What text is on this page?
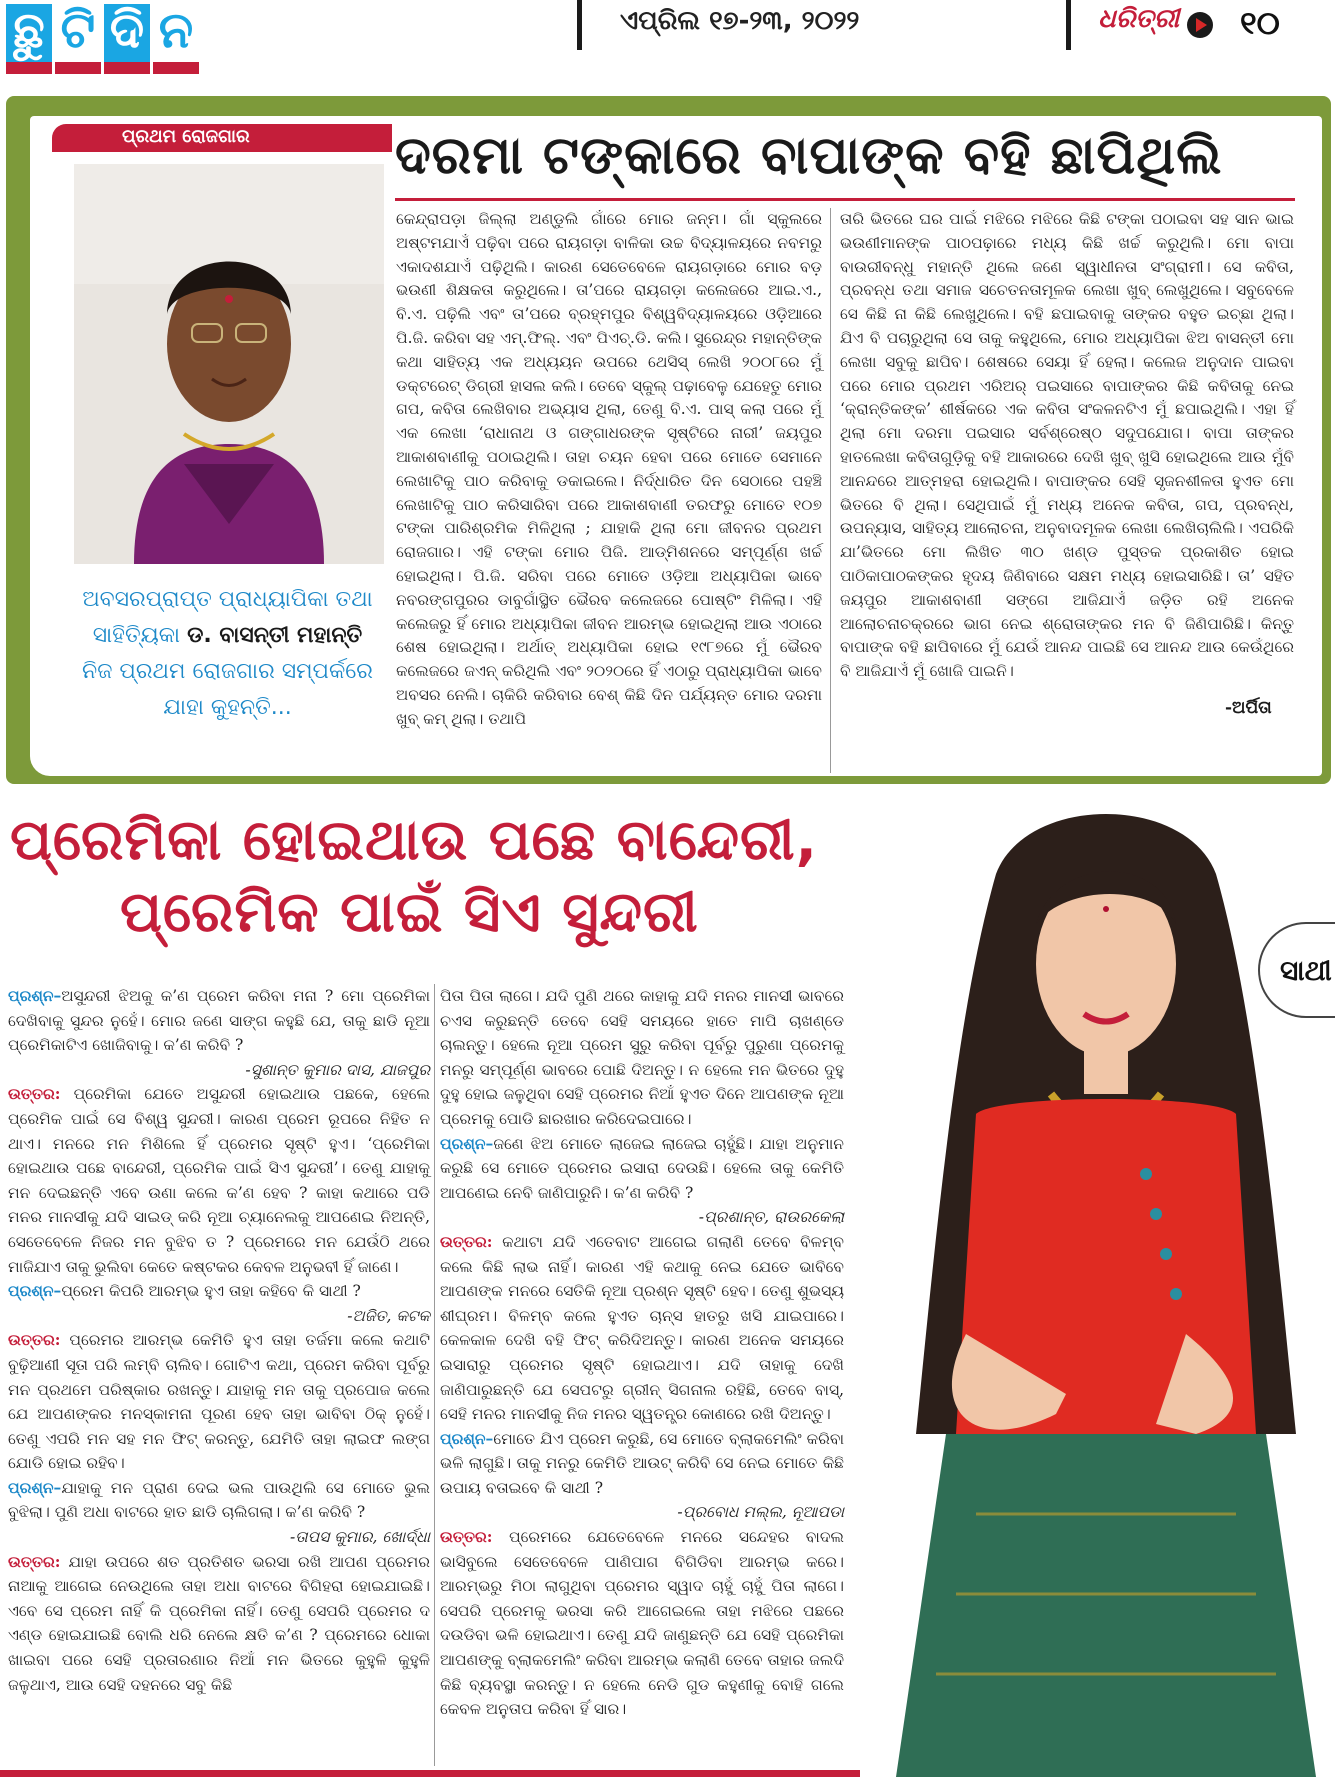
ଛୁ ଟି ଦି ନ	ଏପ୍ରିଲ ୧୭-୨୩, ୨୦୨୨	ଧରିତ୍ରୀ ୧୦
ପ୍ରଥମ ରୋଜଗାର	ଦରମା ଟଙ୍କାରେ ବାପାଙ୍କ ବହି ଛାପିଥିଲି
ଅବସରପ୍ରାପ୍ତ ପ୍ରାଧ୍ୟାପିକା ତଥା
ସାହିତ୍ୟିକା ଡ. ବାସନ୍ତୀ ମହାନ୍ତି
ନିଜ ପ୍ରଥମ ରୋଜଗାର ସମ୍ପର୍କରେ
ଯାହା କୁହନ୍ତି...

କେନ୍ଦ୍ରାପଡ଼ା ଜିଲ୍ଲା ଅଣ୍ଡୁଲି ଗାଁରେ ମୋର ଜନ୍ମ। ଗାଁ ସ୍କୁଲରେ ଅଷ୍ଟମଯାଏଁ ପଢ଼ିବା ପରେ ରାୟଗଡ଼ା ବାଳିକା ଉଚ୍ଚ ବିଦ୍ୟାଳୟରେ ନବମରୁ ଏକାଦଶଯାଏଁ ପଢ଼ିଥିଲି। କାରଣ ସେତେବେଳେ ରାୟଗଡ଼ାରେ ମୋର ବଡ଼ ଭଉଣୀ ଶିକ୍ଷକତା କରୁଥିଲେ। ତା’ପରେ ରାୟଗଡ଼ା କଲେଜରେ ଆଇ.ଏ., ବି.ଏ. ପଢ଼ିଲି ଏବଂ ତା’ପରେ ବ୍ରହ୍ମପୁର ବିଶ୍ୱବିଦ୍ୟାଳୟରେ ଓଡ଼ିଆରେ ପି.ଜି. କରିବା ସହ ଏମ୍.ଫିଲ୍. ଏବଂ ପିଏଚ୍.ଡି. କଲି। ସୁରେନ୍ଦ୍ର ମହାନ୍ତିଙ୍କ କଥା ସାହିତ୍ୟ ଏକ ଅଧ୍ୟୟନ ଉପରେ ଥେସିସ୍ ଲେଖି ୨୦୦୮ରେ ମୁଁ ଡକ୍ଟରେଟ୍ ଡିଗ୍ରୀ ହାସଲ କଲି। ତେବେ ସ୍କୁଲ୍ ପଢ଼ାବେଳୁ ଯେହେତୁ ମୋର ଗପ, କବିତା ଲେଖିବାର ଅଭ୍ୟାସ ଥିଲା, ତେଣୁ ବି.ଏ. ପାସ୍ କଲା ପରେ ମୁଁ ଏକ ଲେଖା ‘ରାଧାନାଥ ଓ ଗଙ୍ଗାଧରଙ୍କ ସୃଷ୍ଟିରେ ନାରୀ’ ଜୟପୁର ଆକାଶବାଣୀକୁ ପଠାଇଥିଲି। ତାହା ଚୟନ ହେବା ପରେ ମୋତେ ସେମାନେ ଲେଖାଟିକୁ ପାଠ କରିବାକୁ ଡକାଇଲେ। ନିର୍ଦ୍ଧାରିତ ଦିନ ସେଠାରେ ପହଞ୍ଚି ଲେଖାଟିକୁ ପାଠ କରିସାରିବା ପରେ ଆକାଶବାଣୀ ତରଫରୁ ମୋତେ ୧୦୭ ଟଙ୍କା ପାରିଶ୍ରମିକ ମିଳିଥିଲା ; ଯାହାକି ଥିଲା ମୋ ଜୀବନର ପ୍ରଥମ ରୋଜଗାର। ଏହି ଟଙ୍କା ମୋର ପିଜି. ଆଡ୍‌ମିଶନରେ ସମ୍ପୂର୍ଣ୍ଣ ଖର୍ଚ୍ଚ ହୋଇଥିଲା। ପି.ଜି. ସରିବା ପରେ ମୋତେ ଓଡ଼ିଆ ଅଧ୍ୟାପିକା ଭାବେ ନବରଙ୍ଗପୁରର ଡାବୁଗାଁସ୍ଥିତ ଭୈରବ କଲେଜରେ ପୋଷ୍ଟିଂ ମିଳିଲା। ଏହି କଲେଜରୁ ହିଁ ମୋର ଅଧ୍ୟାପିକା ଜୀବନ ଆରମ୍ଭ ହୋଇଥିଲା ଆଉ ଏଠାରେ ଶେଷ ହୋଇଥିଲା। ଅର୍ଥାତ୍ ଅଧ୍ୟାପିକା ହୋଇ ୧୯୮୭ରେ ମୁଁ ଭୈରବ କଲେଜରେ ଜଏନ୍ କରିଥିଲି ଏବଂ ୨୦୨୦ରେ ହିଁ ଏଠାରୁ ପ୍ରାଧ୍ୟାପିକା ଭାବେ ଅବସର ନେଲି। ଚାକିରି କରିବାର ବେଶ୍ କିଛି ଦିନ ପର୍ଯ୍ୟନ୍ତ ମୋର ଦରମା ଖୁବ୍ କମ୍ ଥିଲା। ତଥାପି

ତାରି ଭିତରେ ଘର ପାଇଁ ମଝିରେ ମଝିରେ କିଛି ଟଙ୍କା ପଠାଇବା ସହ ସାନ ଭାଇ ଭଉଣୀମାନଙ୍କ ପାଠପଢ଼ାରେ ମଧ୍ୟ କିଛି ଖର୍ଚ୍ଚ କରୁଥିଲି। ମୋ ବାପା ବାଉରୀବନ୍ଧୁ ମହାନ୍ତି ଥିଲେ ଜଣେ ସ୍ୱାଧୀନତା ସଂଗ୍ରାମୀ। ସେ କବିତା, ପ୍ରବନ୍ଧ ତଥା ସମାଜ ସଚେତନତାମୂଳକ ଲେଖା ଖୁବ୍ ଲେଖୁଥିଲେ। ସବୁବେଳେ ସେ କିଛି ନା କିଛି ଲେଖୁଥିଲେ। ବହି ଛପାଇବାକୁ ତାଙ୍କର ବହୁତ ଇଚ୍ଛା ଥିଲା। ଯିଏ ବି ପଚାରୁଥିଲା ସେ ତାକୁ କହୁଥିଲେ, ମୋର ଅଧ୍ୟାପିକା ଝିଅ ବାସନ୍ତୀ ମୋ ଲେଖା ସବୁକୁ ଛାପିବ। ଶେଷରେ ସେୟା ହିଁ ହେଲା। କଲେଜ ଅନୁଦାନ ପାଇବା ପରେ ମୋର ପ୍ରଥମ ଏରିଅର୍ ପଇସାରେ ବାପାଙ୍କର କିଛି କବିତାକୁ ନେଇ ‘କ୍ରାନ୍ତିକଙ୍କ’ ଶୀର୍ଷକରେ ଏକ କବିତା ସଂକଳନଟିଏ ମୁଁ ଛପାଇଥିଲି। ଏହା ହିଁ ଥିଲା ମୋ ଦରମା ପଇସାର ସର୍ବଶ୍ରେଷ୍ଠ ସଦୁପଯୋଗ। ବାପା ତାଙ୍କର ହାତଲେଖା କବିତାଗୁଡ଼ିକୁ ବହି ଆକାରରେ ଦେଖି ଖୁବ୍ ଖୁସି ହୋଇଥିଲେ ଆଉ ମୁଁବି ଆନନ୍ଦରେ ଆତ୍ମହରା ହୋଇଥିଲି। ବାପାଙ୍କର ସେହି ସୃଜନଶୀଳତା ହୁଏତ ମୋ ଭିତରେ ବି ଥିଲା। ସେଥିପାଇଁ ମୁଁ ମଧ୍ୟ ଅନେକ କବିତା, ଗପ, ପ୍ରବନ୍ଧ, ଉପନ୍ୟାସ, ସାହିତ୍ୟ ଆଲୋଚନା, ଅନୁବାଦମୂଳକ ଲେଖା ଲେଖିଚାଲିଲି। ଏପରିକି ଯା’ଭିତରେ ମୋ ଲିଖିତ ୩୦ ଖଣ୍ଡ ପୁସ୍ତକ ପ୍ରକାଶିତ ହୋଇ ପାଠିକାପାଠକଙ୍କର ହୃଦୟ ଜିଣିବାରେ ସକ୍ଷମ ମଧ୍ୟ ହୋଇସାରିଛି। ତା’ ସହିତ ଜୟପୁର ଆକାଶବାଣୀ ସଙ୍ଗେ ଆଜିଯାଏଁ ଜଡ଼ିତ ରହି ଅନେକ ଆଲୋଚନାଚକ୍ରରେ ଭାଗ ନେଇ ଶ୍ରୋତାଙ୍କର ମନ ବି ଜିଣିପାରିଛି। କିନ୍ତୁ ବାପାଙ୍କ ବହି ଛାପିବାରେ ମୁଁ ଯେଉଁ ଆନନ୍ଦ ପାଇଛି ସେ ଆନନ୍ଦ ଆଉ କେଉଁଥିରେ ବି ଆଜିଯାଏଁ ମୁଁ ଖୋଜି ପାଇନି।

-ଅର୍ପିତା
ପ୍ରେମିକା ହୋଇଥାଉ ପଛେ ବାନ୍ଦେରୀ,
ପ୍ରେମିକ ପାଇଁ ସିଏ ସୁନ୍ଦରୀ
ସାଥୀ

ପ୍ରଶ୍ନ–ଅସୁନ୍ଦରୀ ଝିଅକୁ କ’ଣ ପ୍ରେମ କରିବା ମନା ? ମୋ ପ୍ରେମିକା ଦେଖିବାକୁ ସୁନ୍ଦର ନୁହେଁ। ମୋର ଜଣେ ସାଙ୍ଗ କହୁଛି ଯେ, ତାକୁ ଛାଡି ନୂଆ ପ୍ରେମିକାଟିଏ ଖୋଜିବାକୁ। କ’ଣ କରିବି ?

-ସୁଶାନ୍ତ କୁମାର ଦାସ, ଯାଜପୁର

ଉତ୍ତର: ପ୍ରେମିକା ଯେତେ ଅସୁନ୍ଦରୀ ହୋଇଥାଉ ପଛକେ, ହେଲେ ପ୍ରେମିକ ପାଇଁ ସେ ବିଶ୍ୱ ସୁନ୍ଦରୀ। କାରଣ ପ୍ରେମ ରୂପରେ ନିହିତ ନ ଥାଏ। ମନରେ ମନ ମିଶିଲେ ହିଁ ପ୍ରେମର ସୃଷ୍ଟି ହୁଏ। ‘ପ୍ରେମିକା ହୋଇଥାଉ ପଛେ ବାନ୍ଦେରୀ, ପ୍ରେମିକ ପାଇଁ ସିଏ ସୁନ୍ଦରୀ’। ତେଣୁ ଯାହାକୁ ମନ ଦେଇଛନ୍ତି ଏବେ ଉଣା କଲେ କ’ଣ ହେବ ? କାହା କଥାରେ ପଡି ମନର ମାନସୀକୁ ଯଦି ସାଇଡ୍ କରି ନୂଆ ଚ୍ୟାନେଲକୁ ଆପଣେଇ ନିଅନ୍ତି, ସେତେବେଳେ ନିଜର ମନ ବୁଝିବ ତ ? ପ୍ରେମରେ ମନ ଯେଉଁଠି ଥରେ ମାଜିଯାଏ ତାକୁ ଭୁଲିବା କେତେ କଷ୍ଟକର କେବଳ ଅନୁଭବୀ ହିଁ ଜାଣେ।

ପ୍ରଶ୍ନ–ପ୍ରେମ କିପରି ଆରମ୍ଭ ହୁଏ ତାହା କହିବେ କି ସାଥୀ ?

-ଅଜିତ, କଟକ

ଉତ୍ତର: ପ୍ରେମର ଆରମ୍ଭ କେମିତି ହୁଏ ତାହା ତର୍ଜମା କଲେ କଥାଟି ବୁଢ଼ିଆଣୀ ସୂତା ପରି ଲମ୍ବି ଚାଲିବ। ଗୋଟିଏ କଥା, ପ୍ରେମ କରିବା ପୂର୍ବରୁ ମନ ପ୍ରଥମେ ପରିଷ୍କାର ରଖନ୍ତୁ। ଯାହାକୁ ମନ ତାକୁ ପ୍ରପୋଜ କଲେ ଯେ ଆପଣଙ୍କର ମନସ୍କାମନା ପୂରଣ ହେବ ତାହା ଭାବିବା ଠିକ୍ ନୁହେଁ। ତେଣୁ ଏପରି ମନ ସହ ମନ ଫିଟ୍ କରନ୍ତୁ, ଯେମିତି ତାହା ଲାଇଫ ଲଙ୍ଗ ଯୋଡି ହୋଇ ରହିବ।

ପ୍ରଶ୍ନ–ଯାହାକୁ ମନ ପ୍ରାଣ ଦେଇ ଭଲ ପାଉଥିଲି ସେ ମୋତେ ଭୁଲ ବୁଝିଲା। ପୁଣି ଅଧା ବାଟରେ ହାତ ଛାଡି ଚାଲିଗଲା। କ’ଣ କରିବି ?

-ତାପସ କୁମାର, ଖୋର୍ଦ୍ଧା

ଉତ୍ତର: ଯାହା ଉପରେ ଶତ ପ୍ରତିଶତ ଭରସା ରଖି ଆପଣ ପ୍ରେମର ନାଆକୁ ଆଗେଇ ନେଉଥିଲେ ତାହା ଅଧା ବାଟରେ ବିଗିହରା ହୋଇଯାଇଛି। ଏବେ ସେ ପ୍ରେମ ନାହିଁ କି ପ୍ରେମିକା ନାହିଁ। ତେଣୁ ସେପରି ପ୍ରେମର ଦ ଏଣ୍ଡ ହୋଇଯାଇଛି ବୋଲି ଧରି ନେଲେ କ୍ଷତି କ’ଣ ? ପ୍ରେମରେ ଧୋକା ଖାଇବା ପରେ ସେହି ପ୍ରତାରଣାର ନିଆଁ ମନ ଭିତରେ କୁହୁଳି କୁହୁଳି ଜଳୁଥାଏ, ଆଉ ସେହି ଦହନରେ ସବୁ କିଛି

ପିତା ପିତା ଲାଗେ। ଯଦି ପୁଣି ଥରେ କାହାକୁ ଯଦି ମନର ମାନସୀ ଭାବରେ ଚଏସ କରୁଛନ୍ତି ତେବେ ସେହି ସମୟରେ ହାତେ ମାପି ଚାଖଣ୍ଡେ ଚାଲନ୍ତୁ। ହେଲେ ନୂଆ ପ୍ରେମ ସୁରୁ କରିବା ପୂର୍ବରୁ ପୁରୁଣା ପ୍ରେମକୁ ମନରୁ ସମ୍ପୂର୍ଣ୍ଣ ଭାବରେ ପୋଛି ଦିଅନ୍ତୁ। ନ ହେଲେ ମନ ଭିତରେ ଦୁହୁ ଦୁହୁ ହୋଇ ଜଳୁଥିବା ସେହି ପ୍ରେମର ନିଆଁ ହୁଏତ ଦିନେ ଆପଣଙ୍କ ନୂଆ ପ୍ରେମକୁ ପୋଡି ଛାରଖାର କରିଦେଇପାରେ।

ପ୍ରଶ୍ନ–ଜଣେ ଝିଅ ମୋତେ ଲାଜେଇ ଲାଜେଇ ଚାହୁଁଛି। ଯାହା ଅନୁମାନ କରୁଛି ସେ ମୋତେ ପ୍ରେମର ଇସାରା ଦେଉଛି। ହେଲେ ତାକୁ କେମିତି ଆପଣେଇ ନେବି ଜାଣିପାରୁନି। କ’ଣ କରିବି ?

-ପ୍ରଶାନ୍ତ, ରାଉରକେଲା

ଉତ୍ତର: କଥାଟା ଯଦି ଏତେବାଟ ଆଗେଇ ଗଲାଣି ତେବେ ବିଳମ୍ବ କଲେ କିଛି ଲାଭ ନାହିଁ। କାରଣ ଏହି କଥାକୁ ନେଇ ଯେତେ ଭାବିବେ ଆପଣଙ୍କ ମନରେ ସେତିକି ନୂଆ ପ୍ରଶ୍ନ ସୃଷ୍ଟି ହେବ। ତେଣୁ ଶୁଭସ୍ୟ ଶୀଘ୍ରମ। ବିଳମ୍ବ କଲେ ହୁଏତ ଚାନ୍ସ ହାତରୁ ଖସି ଯାଇପାରେ। କେଳକାଳ ଦେଖି ବହି ଫିଟ୍ କରିଦିଅନ୍ତୁ। କାରଣ ଅନେକ ସମୟରେ ଇସାରାରୁ ପ୍ରେମର ସୃଷ୍ଟି ହୋଇଥାଏ। ଯଦି ତାହାକୁ ଦେଖି ଜାଣିପାରୁଛନ୍ତି ଯେ ସେପଟରୁ ଗ୍ରୀନ୍ ସିଗନାଲ ରହିଛି, ତେବେ ବାସ୍, ସେହି ମନର ମାନସୀକୁ ନିଜ ମନର ସ୍ୱତନ୍ତ୍ର କୋଣରେ ରଖି ଦିଅନ୍ତୁ।

ପ୍ରଶ୍ନ–ମୋତେ ଯିଏ ପ୍ରେମ କରୁଛି, ସେ ମୋତେ ବ୍ଲାକମେଲିଂ କରିବା ଭଳି ଲାଗୁଛି। ତାକୁ ମନରୁ କେମିତି ଆଉଟ୍ କରିବି ସେ ନେଇ ମୋତେ କିଛି ଉପାୟ ବତାଇବେ କି ସାଥୀ ?

-ପ୍ରବୋଧ ମଲ୍ଲ, ନୂଆପଡା

ଉତ୍ତର: ପ୍ରେମରେ ଯେତେବେଳେ ମନରେ ସନ୍ଦେହର ବାଦଲ ଭାସିବୁଲେ ସେତେବେଳେ ପାଣିପାଗ ବିଗିଡିବା ଆରମ୍ଭ କରେ। ଆରମ୍ଭରୁ ମିଠା ଲାଗୁଥିବା ପ୍ରେମର ସ୍ୱାଦ ଚାହୁଁ ଚାହୁଁ ପିତା ଲାଗେ। ସେପରି ପ୍ରେମକୁ ଭରସା କରି ଆଗେଇଲେ ତାହା ମଝିରେ ପଛରେ ଦଉଡିବା ଭଳି ହୋଇଥାଏ। ତେଣୁ ଯଦି ଜାଣୁଛନ୍ତି ଯେ ସେହି ପ୍ରେମିକା ଆପଣଙ୍କୁ ବ୍ଲାକମେଲିଂ କରିବା ଆରମ୍ଭ କଲାଣି ତେବେ ତାହାର ଜଲଦି କିଛି ବ୍ୟବସ୍ଥା କରନ୍ତୁ। ନ ହେଲେ ନେଡି ଗୁଡ କହୁଣୀକୁ ବୋହି ଗଲେ କେବଳ ଅନୁତାପ କରିବା ହିଁ ସାର।
